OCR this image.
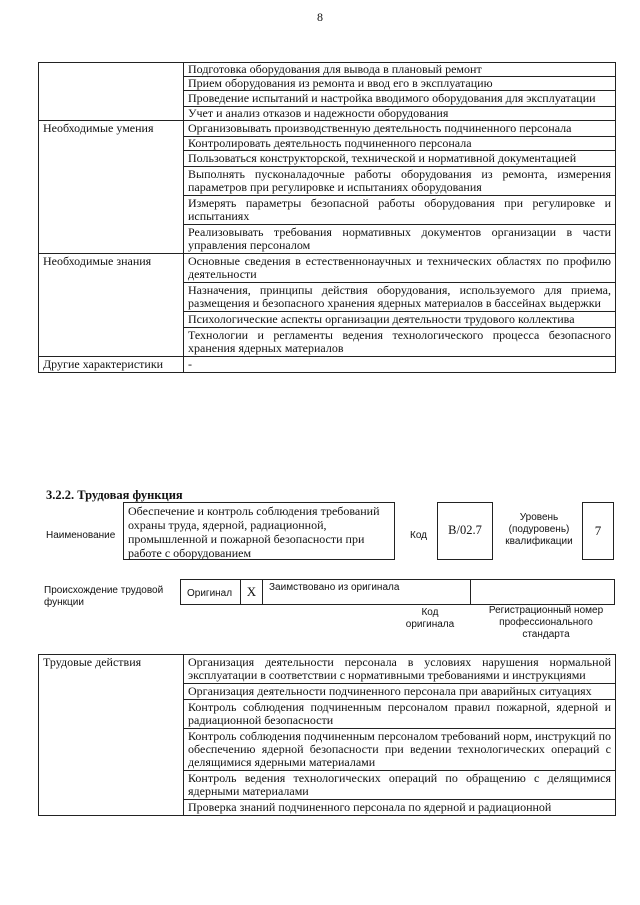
8
	Подготовка оборудования для вывода в плановый ремонт
	Прием оборудования из ремонта и ввод его в эксплуатацию
	Проведение испытаний и настройка вводимого оборудования для эксплуатации
	Учет и анализ отказов и надежности оборудования
Необходимые умения	Организовывать производственную деятельность подчиненного персонала
	Контролировать деятельность подчиненного персонала
	Пользоваться конструкторской, технической и нормативной документацией
	Выполнять пусконаладочные работы оборудования из ремонта, измерения параметров при регулировке и испытаниях оборудования
	Измерять параметры безопасной работы оборудования при регулировке и испытаниях
	Реализовывать требования нормативных документов организации в части управления персоналом
Необходимые знания	Основные сведения в естественнонаучных и технических областях по профилю деятельности
	Назначения, принципы действия оборудования, используемого для приема, размещения и безопасного хранения ядерных материалов в бассейнах выдержки
	Психологические аспекты организации деятельности трудового коллектива
	Технологии и регламенты ведения технологического процесса безопасного хранения ядерных материалов
Другие характеристики	-
3.2.2. Трудовая функция
Наименование
Обеспечение и контроль соблюдения требований охраны труда, ядерной, радиационной, промышленной и пожарной безопасности при работе с оборудованием
Код	B/02.7
Уровень (подуровень) квалификации
7
Происхождение трудовой функции
Оригинал	X	Заимствовано из оригинала
Код оригинала
Регистрационный номер профессионального стандарта
Трудовые действия	Организация деятельности персонала в условиях нарушения нормальной эксплуатации в соответствии с нормативными требованиями и инструкциями
Организация деятельности подчиненного персонала при аварийных ситуациях
Контроль соблюдения подчиненным персоналом правил пожарной, ядерной и радиационной безопасности
Контроль соблюдения подчиненным персоналом требований норм, инструкций по обеспечению ядерной безопасности при ведении технологических операций с делящимися ядерными материалами
Контроль ведения технологических операций по обращению с делящимися ядерными материалами
Проверка знаний подчиненного персонала по ядерной и радиационной
